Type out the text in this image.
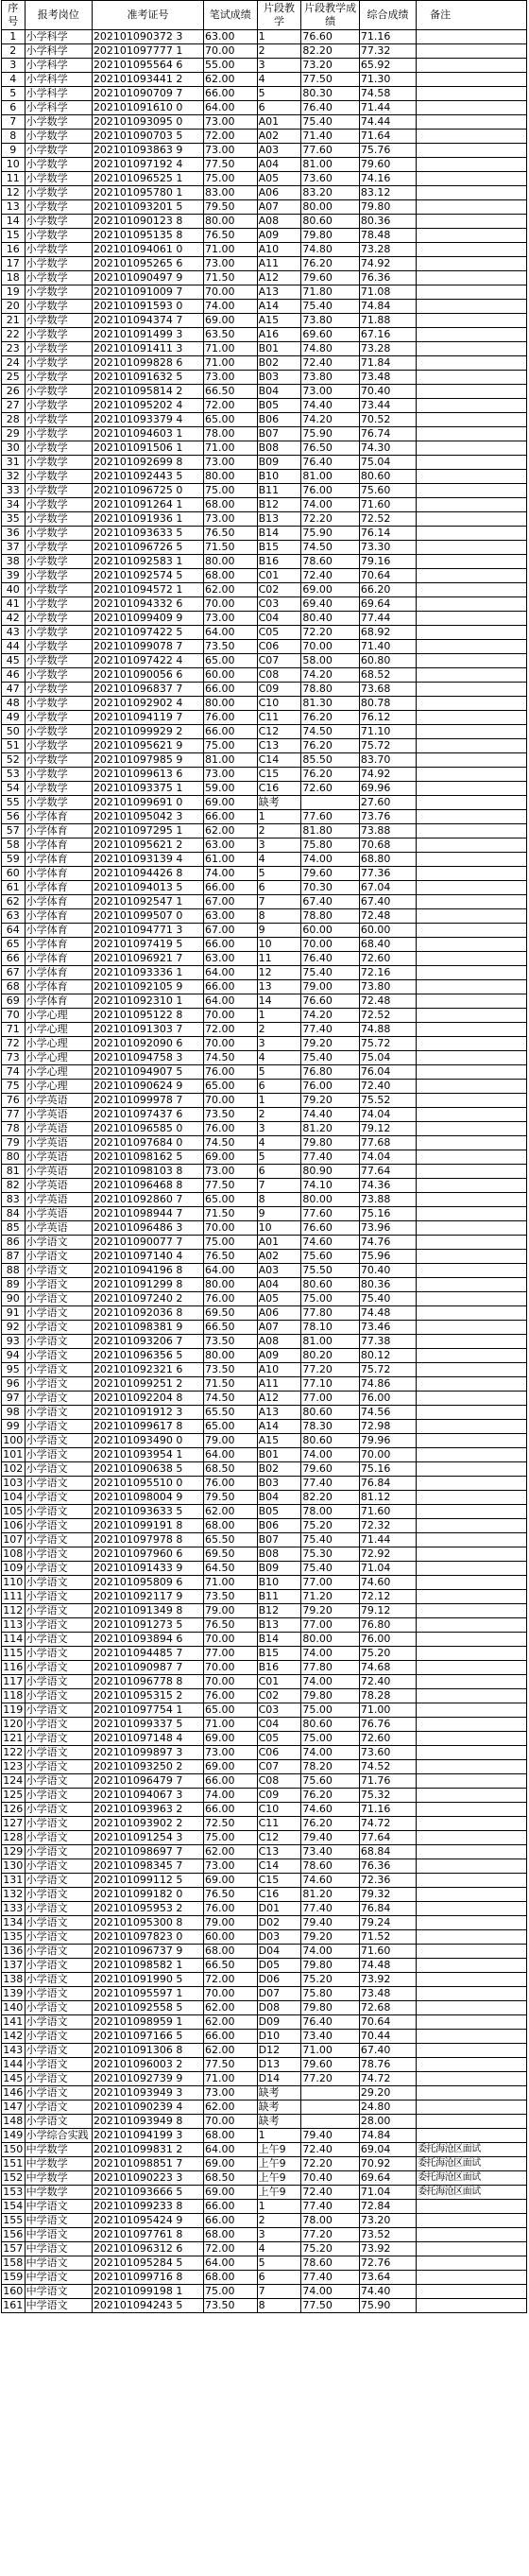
序号	报考岗位	准考证号	笔试成绩	片段教学	片段教学成绩	综合成绩	备注
1	小学科学	202101090372 3	63.00	1	76.60	71.16	
2	小学科学	202101097777 1	70.00	2	82.20	77.32	
3	小学科学	202101095564 6	55.00	3	73.20	65.92	
4	小学科学	202101093441 2	62.00	4	77.50	71.30	
5	小学科学	202101090709 7	66.00	5	80.30	74.58	
6	小学科学	202101091610 0	64.00	6	76.40	71.44	
7	小学数学	202101093095 0	73.00	A01	75.40	74.44	
8	小学数学	202101090703 5	72.00	A02	71.40	71.64	
9	小学数学	202101093863 9	73.00	A03	77.60	75.76	
10	小学数学	202101097192 4	77.50	A04	81.00	79.60	
11	小学数学	202101096525 1	75.00	A05	73.60	74.16	
12	小学数学	202101095780 1	83.00	A06	83.20	83.12	
13	小学数学	202101093201 5	79.50	A07	80.00	79.80	
14	小学数学	202101090123 8	80.00	A08	80.60	80.36	
15	小学数学	202101095135 8	76.50	A09	79.80	78.48	
16	小学数学	202101094061 0	71.00	A10	74.80	73.28	
17	小学数学	202101095265 6	73.00	A11	76.20	74.92	
18	小学数学	202101090497 9	71.50	A12	79.60	76.36	
19	小学数学	202101091009 7	70.00	A13	71.80	71.08	
20	小学数学	202101091593 0	74.00	A14	75.40	74.84	
21	小学数学	202101094374 7	69.00	A15	73.80	71.88	
22	小学数学	202101091499 3	63.50	A16	69.60	67.16	
23	小学数学	202101091411 3	71.00	B01	74.80	73.28	
24	小学数学	202101099828 6	71.00	B02	72.40	71.84	
25	小学数学	202101091632 5	73.00	B03	73.80	73.48	
26	小学数学	202101095814 2	66.50	B04	73.00	70.40	
27	小学数学	202101095202 4	72.00	B05	74.40	73.44	
28	小学数学	202101093379 4	65.00	B06	74.20	70.52	
29	小学数学	202101094603 1	78.00	B07	75.90	76.74	
30	小学数学	202101091506 1	71.00	B08	76.50	74.30	
31	小学数学	202101092699 8	73.00	B09	76.40	75.04	
32	小学数学	202101092443 5	80.00	B10	81.00	80.60	
33	小学数学	202101096725 0	75.00	B11	76.00	75.60	
34	小学数学	202101091264 1	68.00	B12	74.00	71.60	
35	小学数学	202101091936 1	73.00	B13	72.20	72.52	
36	小学数学	202101093633 5	76.50	B14	75.90	76.14	
37	小学数学	202101096726 5	71.50	B15	74.50	73.30	
38	小学数学	202101092583 1	80.00	B16	78.60	79.16	
39	小学数学	202101092574 5	68.00	C01	72.40	70.64	
40	小学数学	202101094572 1	62.00	C02	69.00	66.20	
41	小学数学	202101094332 6	70.00	C03	69.40	69.64	
42	小学数学	202101099409 9	73.00	C04	80.40	77.44	
43	小学数学	202101097422 5	64.00	C05	72.20	68.92	
44	小学数学	202101099078 7	73.50	C06	70.00	71.40	
45	小学数学	202101097422 4	65.00	C07	58.00	60.80	
46	小学数学	202101090056 6	60.00	C08	74.20	68.52	
47	小学数学	202101096837 7	66.00	C09	78.80	73.68	
48	小学数学	202101092902 4	80.00	C10	81.30	80.78	
49	小学数学	202101094119 7	76.00	C11	76.20	76.12	
50	小学数学	202101099929 2	66.00	C12	74.50	71.10	
51	小学数学	202101095621 9	75.00	C13	76.20	75.72	
52	小学数学	202101097985 9	81.00	C14	85.50	83.70	
53	小学数学	202101099613 6	73.00	C15	76.20	74.92	
54	小学数学	202101093375 1	59.00	C16	72.60	69.96	
55	小学数学	202101099691 0	69.00	缺考		27.60	
56	小学体育	202101095042 3	66.00	1	77.60	73.76	
57	小学体育	202101097295 1	62.00	2	81.80	73.88	
58	小学体育	202101095621 2	63.00	3	75.80	70.68	
59	小学体育	202101093139 4	61.00	4	74.00	68.80	
60	小学体育	202101094426 8	74.00	5	79.60	77.36	
61	小学体育	202101094013 5	66.00	6	70.30	67.04	
62	小学体育	202101092547 1	67.00	7	67.40	67.40	
63	小学体育	202101099507 0	63.00	8	78.80	72.48	
64	小学体育	202101094771 3	67.00	9	60.00	60.00	
65	小学体育	202101097419 5	66.00	10	70.00	68.40	
66	小学体育	202101096921 7	63.00	11	76.40	72.60	
67	小学体育	202101093336 1	64.00	12	75.40	72.16	
68	小学体育	202101092105 9	66.00	13	79.00	73.80	
69	小学体育	202101092310 1	64.00	14	76.60	72.48	
70	小学心理	202101095122 8	70.00	1	74.20	72.52	
71	小学心理	202101091303 7	72.00	2	77.40	74.88	
72	小学心理	202101092090 6	70.00	3	79.20	75.72	
73	小学心理	202101094758 3	74.50	4	75.40	75.04	
74	小学心理	202101094907 5	76.00	5	76.80	76.04	
75	小学心理	202101090624 9	65.00	6	76.00	72.40	
76	小学英语	202101099978 7	70.00	1	79.20	75.52	
77	小学英语	202101097437 6	73.50	2	74.40	74.04	
78	小学英语	202101096585 0	76.00	3	81.20	79.12	
79	小学英语	202101097684 0	74.50	4	79.80	77.68	
80	小学英语	202101098162 5	69.00	5	77.40	74.04	
81	小学英语	202101098103 8	73.00	6	80.90	77.64	
82	小学英语	202101096468 8	77.50	7	74.10	74.36	
83	小学英语	202101092860 7	65.00	8	80.00	73.88	
84	小学英语	202101098944 7	71.50	9	77.60	75.16	
85	小学英语	202101096486 3	70.00	10	76.60	73.96	
86	小学语文	202101090077 7	75.00	A01	74.60	74.76	
87	小学语文	202101097140 4	76.50	A02	75.60	75.96	
88	小学语文	202101094196 8	64.00	A03	75.50	70.40	
89	小学语文	202101091299 8	80.00	A04	80.60	80.36	
90	小学语文	202101097240 2	76.00	A05	75.00	75.40	
91	小学语文	202101092036 8	69.50	A06	77.80	74.48	
92	小学语文	202101098381 9	66.50	A07	78.10	73.46	
93	小学语文	202101093206 7	73.50	A08	81.00	77.38	
94	小学语文	202101096356 5	80.00	A09	80.20	80.12	
95	小学语文	202101092321 6	73.50	A10	77.20	75.72	
96	小学语文	202101099251 2	71.50	A11	77.10	74.86	
97	小学语文	202101092204 8	74.50	A12	77.00	76.00	
98	小学语文	202101091912 3	65.50	A13	80.60	74.56	
99	小学语文	202101099617 8	65.00	A14	78.30	72.98	
100	小学语文	202101093490 0	79.00	A15	80.60	79.96	
101	小学语文	202101093954 1	64.00	B01	74.00	70.00	
102	小学语文	202101090638 5	68.50	B02	79.60	75.16	
103	小学语文	202101095510 0	76.00	B03	77.40	76.84	
104	小学语文	202101098004 9	79.50	B04	82.20	81.12	
105	小学语文	202101093633 5	62.00	B05	78.00	71.60	
106	小学语文	202101099191 8	68.00	B06	75.20	72.32	
107	小学语文	202101097978 8	65.50	B07	75.40	71.44	
108	小学语文	202101097960 6	69.50	B08	75.30	72.92	
109	小学语文	202101091433 9	64.50	B09	75.40	71.04	
110	小学语文	202101095809 6	71.00	B10	77.00	74.60	
111	小学语文	202101092117 9	73.50	B11	71.20	72.12	
112	小学语文	202101091349 8	79.00	B12	79.20	79.12	
113	小学语文	202101091273 5	76.50	B13	77.00	76.80	
114	小学语文	202101093894 6	70.00	B14	80.00	76.00	
115	小学语文	202101094485 7	77.00	B15	74.00	75.20	
116	小学语文	202101090987 7	70.00	B16	77.80	74.68	
117	小学语文	202101096778 8	70.00	C01	74.00	72.40	
118	小学语文	202101095315 2	76.00	C02	79.80	78.28	
119	小学语文	202101097754 1	65.00	C03	75.00	71.00	
120	小学语文	202101099337 5	71.00	C04	80.60	76.76	
121	小学语文	202101097148 4	69.00	C05	75.00	72.60	
122	小学语文	202101099897 3	73.00	C06	74.00	73.60	
123	小学语文	202101093250 2	69.00	C07	78.20	74.52	
124	小学语文	202101096479 7	66.00	C08	75.60	71.76	
125	小学语文	202101094067 3	74.00	C09	76.20	75.32	
126	小学语文	202101093963 2	66.00	C10	74.60	71.16	
127	小学语文	202101093902 2	72.50	C11	76.20	74.72	
128	小学语文	202101091254 3	75.00	C12	79.40	77.64	
129	小学语文	202101098697 7	62.00	C13	73.40	68.84	
130	小学语文	202101098345 7	73.00	C14	78.60	76.36	
131	小学语文	202101099112 5	69.00	C15	74.60	72.36	
132	小学语文	202101099182 0	76.50	C16	81.20	79.32	
133	小学语文	202101095953 2	76.00	D01	77.40	76.84	
134	小学语文	202101095300 8	79.00	D02	79.40	79.24	
135	小学语文	202101097823 0	60.00	D03	79.20	71.52	
136	小学语文	202101096737 9	68.00	D04	74.00	71.60	
137	小学语文	202101098582 1	66.50	D05	79.80	74.48	
138	小学语文	202101091990 5	72.00	D06	75.20	73.92	
139	小学语文	202101095597 1	70.00	D07	75.80	73.48	
140	小学语文	202101092558 5	62.00	D08	79.80	72.68	
141	小学语文	202101098959 1	62.00	D09	76.40	70.64	
142	小学语文	202101097166 5	66.00	D10	73.40	70.44	
143	小学语文	202101091306 8	62.00	D12	71.00	67.40	
144	小学语文	202101096003 2	77.50	D13	79.60	78.76	
145	小学语文	202101092739 9	71.00	D14	77.20	74.72	
146	小学语文	202101093949 3	73.00	缺考		29.20	
147	小学语文	202101090239 4	62.00	缺考		24.80	
148	小学语文	202101093949 8	70.00	缺考		28.00	
149	小学综合实践	202101094199 3	68.00	1	79.40	74.84	
150	中学数学	202101099831 2	64.00	上午9	72.40	69.04	委托海沧区面试
151	中学数学	202101098851 7	69.00	上午9	72.20	70.92	委托海沧区面试
152	中学数学	202101090223 3	68.50	上午9	70.40	69.64	委托海沧区面试
153	中学数学	202101093666 5	69.00	上午9	72.40	71.04	委托海沧区面试
154	中学语文	202101099233 8	66.00	1	77.40	72.84	
155	中学语文	202101095424 9	66.00	2	78.00	73.20	
156	中学语文	202101097761 8	68.00	3	77.20	73.52	
157	中学语文	202101096312 6	72.00	4	75.20	73.92	
158	中学语文	202101095284 5	64.00	5	78.60	72.76	
159	中学语文	202101099716 8	68.00	6	77.40	73.64	
160	中学语文	202101099198 1	75.00	7	74.00	74.40	
161	中学语文	202101094243 5	73.50	8	77.50	75.90	
